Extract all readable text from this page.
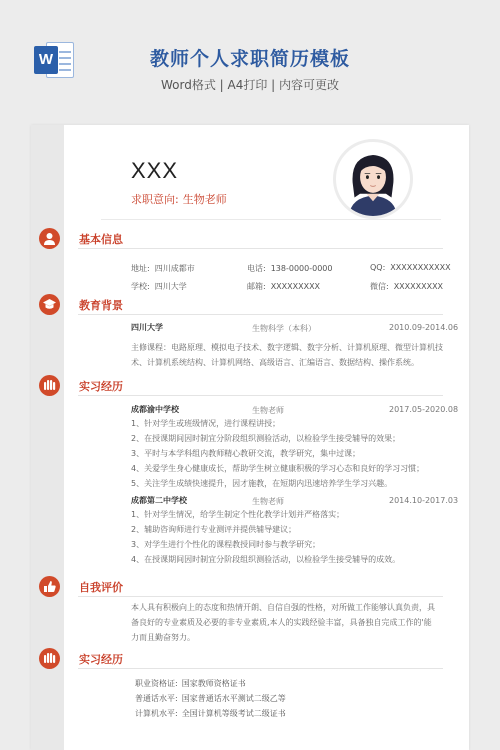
W	教师个人求职简历模板
Word格式 | A4打印 | 内容可更改
XXX
求职意向: 生物老师
基本信息
地址: 四川成都市	电话: 138-0000-0000	QQ: XXXXXXXXXXX
学校: 四川大学	邮箱: XXXXXXXXX	微信: XXXXXXXXX
教育背景
四川大学	生物科学（本科）	2010.09-2014.06
主修课程：电路原理、模拟电子技术、数字逻辑、数字分析、计算机原理、微型计算机技
术、计算机系统结构、计算机网络、高级语言、汇编语言、数据结构、操作系统。
实习经历
成都渝中学校	生物老师	2017.05-2020.08
1、针对学生或班级情况，进行课程讲授；
2、在授课期间因时制宜分阶段组织测验活动，以检验学生接受辅导的效果；
3、平时与本学科组内教师精心教研交流，教学研究，集中过课；
4、关爱学生身心健康成长，帮助学生树立健康积极的学习心态和良好的学习习惯；
5、关注学生成绩快速提升，因才施教，在短期内迅速培养学生学习兴趣。
成都第二中学校	生物老师	2014.10-2017.03
1、针对学生情况，给学生制定个性化教学计划并严格落实；
2、辅助咨询师进行专业测评并提供辅导建议；
3、对学生进行个性化的课程教授同时参与教学研究；
4、在授课期间因时制宜分阶段组织测验活动，以检验学生接受辅导的成效。
自我评价
本人具有积极向上的态度和热情开朗、自信自强的性格，对所做工作能够认真负责，具
备良好的专业素质及必要的非专业素质,本人的实践经验丰富，具备独自完成工作的'能
力而且勤奋努力。
实习经历
职业资格证: 国家教师资格证书
普通话水平: 国家普通话水平测试二级乙等
计算机水平: 全国计算机等级考试二级证书
